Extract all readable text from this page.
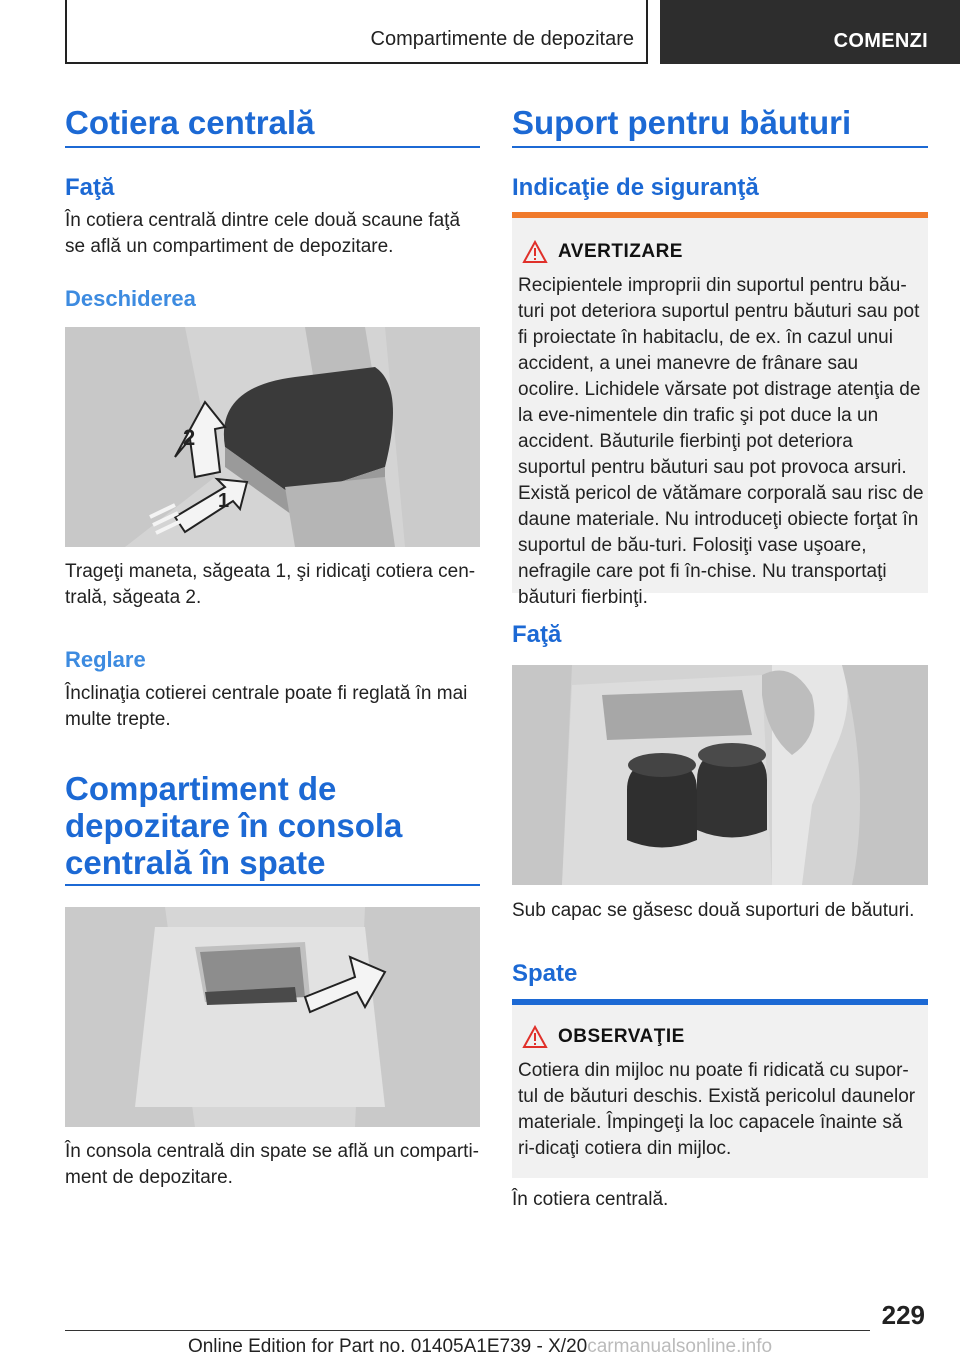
Compartimente de depozitare	COMENZI
Cotiera centrală
Faţă
În cotiera centrală dintre cele două scaune faţă se află un compartiment de depozitare.
Deschiderea
2
1
Trageţi maneta, săgeata 1, şi ridicaţi cotiera cen-trală, săgeata 2.
Reglare
Înclinaţia cotierei centrale poate fi reglată în mai multe trepte.
Compartiment de
depozitare în consola
centrală în spate
În consola centrală din spate se află un comparti-ment de depozitare.
Suport pentru băuturi
Indicaţie de siguranţă
AVERTIZARE
Recipientele improprii din suportul pentru bău-turi pot deteriora suportul pentru băuturi sau pot fi proiectate în habitaclu, de ex. în cazul unui accident, a unei manevre de frânare sau ocolire. Lichidele vărsate pot distrage atenţia de la eve-nimentele din trafic şi pot duce la un accident. Băuturile fierbinţi pot deteriora suportul pentru băuturi sau pot provoca arsuri. Există pericol de vătămare corporală sau risc de daune materiale. Nu introduceţi obiecte forţat în suportul de bău-turi. Folosiţi vase uşoare, nefragile care pot fi în-chise. Nu transportaţi băuturi fierbinţi.
Faţă
Sub capac se găsesc două suporturi de băuturi.
Spate
OBSERVAŢIE
Cotiera din mijloc nu poate fi ridicată cu supor-tul de băuturi deschis. Există pericolul daunelor materiale. Împingeţi la loc capacele înainte să ri-dicaţi cotiera din mijloc.
În cotiera centrală.
229
Online Edition for Part no. 01405A1E739 - X/20carmanualsonline.info
